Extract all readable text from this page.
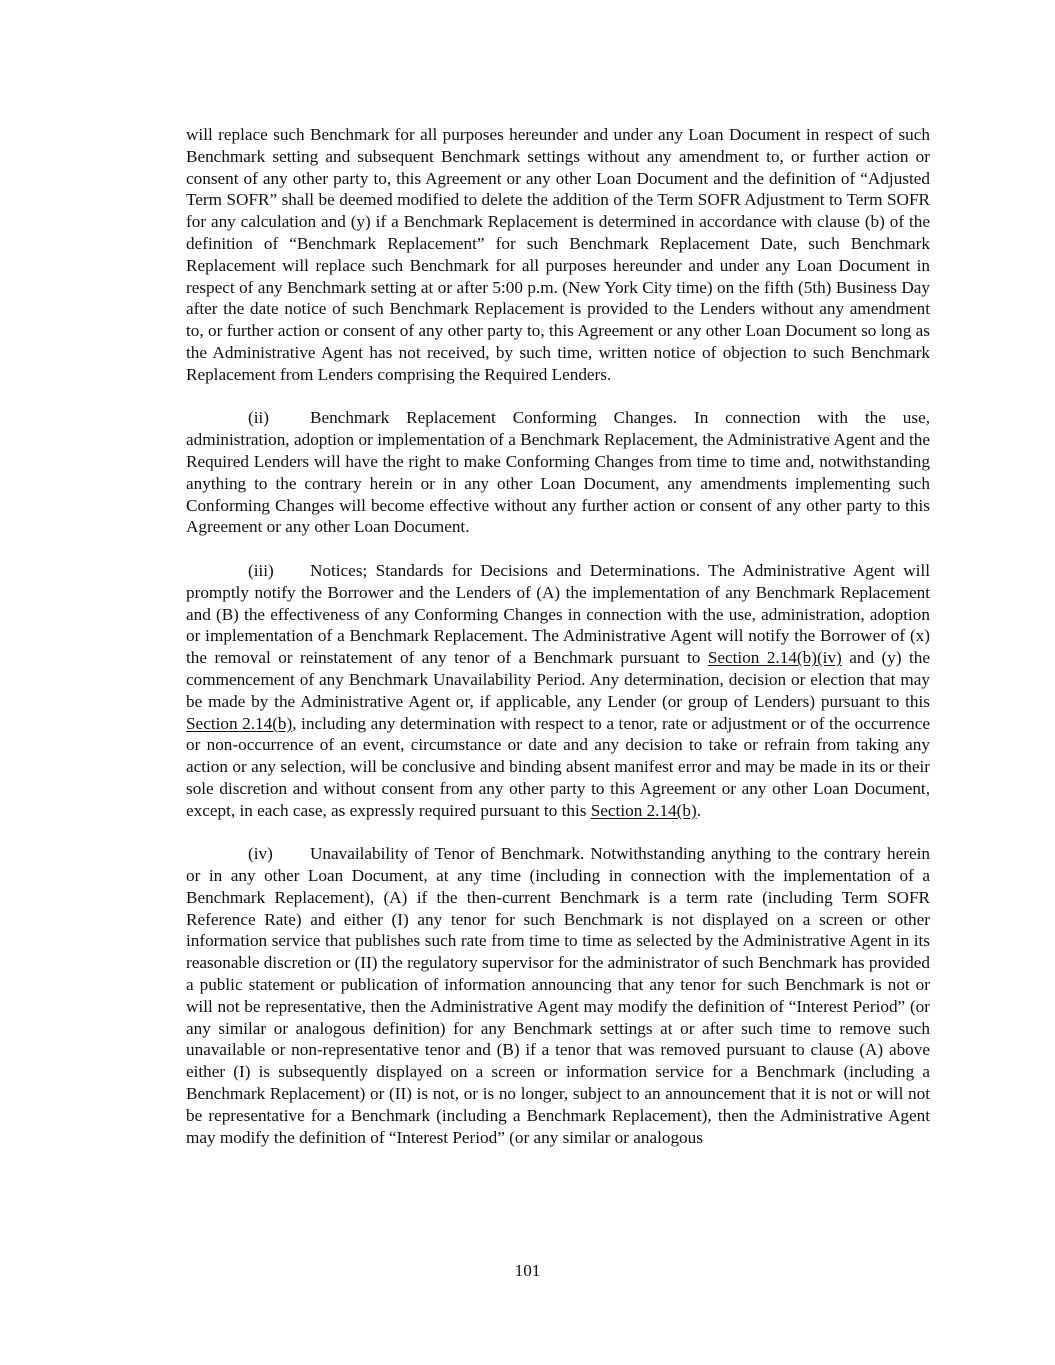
will replace such Benchmark for all purposes hereunder and under any Loan Document in respect of such Benchmark setting and subsequent Benchmark settings without any amendment to, or further action or consent of any other party to, this Agreement or any other Loan Document and the definition of “Adjusted Term SOFR” shall be deemed modified to delete the addition of the Term SOFR Adjustment to Term SOFR for any calculation and (y) if a Benchmark Replacement is determined in accordance with clause (b) of the definition of “Benchmark Replacement” for such Benchmark Replacement Date, such Benchmark Replacement will replace such Benchmark for all purposes hereunder and under any Loan Document in respect of any Benchmark setting at or after 5:00 p.m. (New York City time) on the fifth (5th) Business Day after the date notice of such Benchmark Replacement is provided to the Lenders without any amendment to, or further action or consent of any other party to, this Agreement or any other Loan Document so long as the Administrative Agent has not received, by such time, written notice of objection to such Benchmark Replacement from Lenders comprising the Required Lenders.

(ii) Benchmark Replacement Conforming Changes. In connection with the use, administration, adoption or implementation of a Benchmark Replacement, the Administrative Agent and the Required Lenders will have the right to make Conforming Changes from time to time and, notwithstanding anything to the contrary herein or in any other Loan Document, any amendments implementing such Conforming Changes will become effective without any further action or consent of any other party to this Agreement or any other Loan Document.

(iii) Notices; Standards for Decisions and Determinations. The Administrative Agent will promptly notify the Borrower and the Lenders of (A) the implementation of any Benchmark Replacement and (B) the effectiveness of any Conforming Changes in connection with the use, administration, adoption or implementation of a Benchmark Replacement. The Administrative Agent will notify the Borrower of (x) the removal or reinstatement of any tenor of a Benchmark pursuant to Section 2.14(b)(iv) and (y) the commencement of any Benchmark Unavailability Period. Any determination, decision or election that may be made by the Administrative Agent or, if applicable, any Lender (or group of Lenders) pursuant to this Section 2.14(b), including any determination with respect to a tenor, rate or adjustment or of the occurrence or non-occurrence of an event, circumstance or date and any decision to take or refrain from taking any action or any selection, will be conclusive and binding absent manifest error and may be made in its or their sole discretion and without consent from any other party to this Agreement or any other Loan Document, except, in each case, as expressly required pursuant to this Section 2.14(b).

(iv) Unavailability of Tenor of Benchmark. Notwithstanding anything to the contrary herein or in any other Loan Document, at any time (including in connection with the implementation of a Benchmark Replacement), (A) if the then-current Benchmark is a term rate (including Term SOFR Reference Rate) and either (I) any tenor for such Benchmark is not displayed on a screen or other information service that publishes such rate from time to time as selected by the Administrative Agent in its reasonable discretion or (II) the regulatory supervisor for the administrator of such Benchmark has provided a public statement or publication of information announcing that any tenor for such Benchmark is not or will not be representative, then the Administrative Agent may modify the definition of “Interest Period” (or any similar or analogous definition) for any Benchmark settings at or after such time to remove such unavailable or non-representative tenor and (B) if a tenor that was removed pursuant to clause (A) above either (I) is subsequently displayed on a screen or information service for a Benchmark (including a Benchmark Replacement) or (II) is not, or is no longer, subject to an announcement that it is not or will not be representative for a Benchmark (including a Benchmark Replacement), then the Administrative Agent may modify the definition of “Interest Period” (or any similar or analogous

101
